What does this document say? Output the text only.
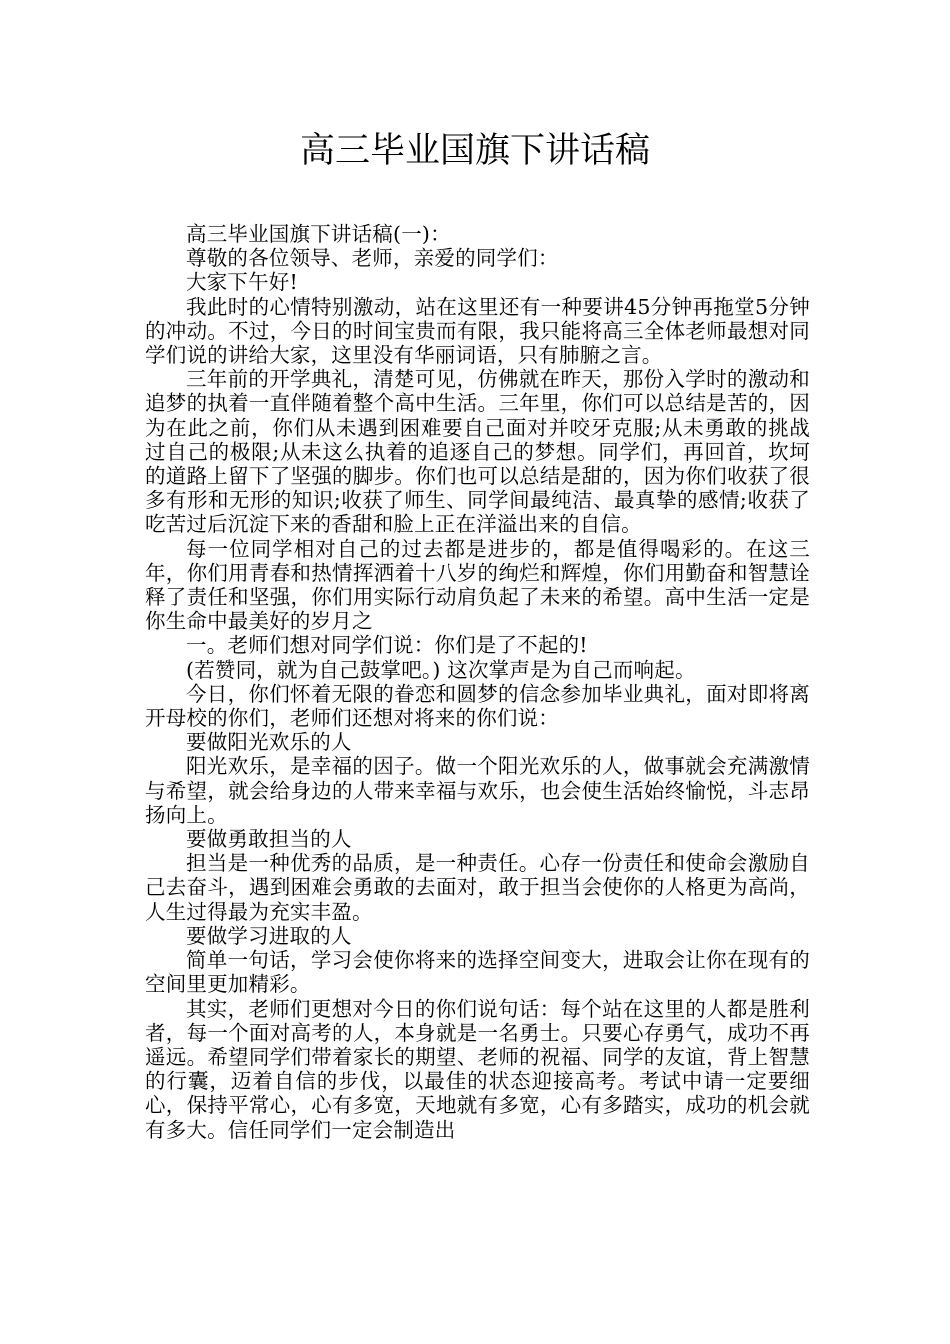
高三毕业国旗下讲话稿

高三毕业国旗下讲话稿(一)：

尊敬的各位领导、老师，亲爱的同学们：

大家下午好!

我此时的心情特别激动，站在这里还有一种要讲45分钟再拖堂5分钟的冲动。不过，今日的时间宝贵而有限，我只能将高三全体老师最想对同学们说的讲给大家，这里没有华丽词语，只有肺腑之言。

三年前的开学典礼，清楚可见，仿佛就在昨天，那份入学时的激动和追梦的执着一直伴随着整个高中生活。三年里，你们可以总结是苦的，因为在此之前，你们从未遇到困难要自己面对并咬牙克服;从未勇敢的挑战过自己的极限;从未这么执着的追逐自己的梦想。同学们，再回首，坎坷的道路上留下了坚强的脚步。你们也可以总结是甜的，因为你们收获了很多有形和无形的知识;收获了师生、同学间最纯洁、最真挚的感情;收获了吃苦过后沉淀下来的香甜和脸上正在洋溢出来的自信。

每一位同学相对自己的过去都是进步的，都是值得喝彩的。在这三年，你们用青春和热情挥洒着十八岁的绚烂和辉煌，你们用勤奋和智慧诠释了责任和坚强，你们用实际行动肩负起了未来的希望。高中生活一定是你生命中最美好的岁月之

一。老师们想对同学们说：你们是了不起的!

(若赞同，就为自己鼓掌吧。) 这次掌声是为自己而响起。

今日，你们怀着无限的眷恋和圆梦的信念参加毕业典礼，面对即将离开母校的你们，老师们还想对将来的你们说：

要做阳光欢乐的人

阳光欢乐，是幸福的因子。做一个阳光欢乐的人，做事就会充满激情与希望，就会给身边的人带来幸福与欢乐，也会使生活始终愉悦，斗志昂扬向上。

要做勇敢担当的人

担当是一种优秀的品质，是一种责任。心存一份责任和使命会激励自己去奋斗，遇到困难会勇敢的去面对，敢于担当会使你的人格更为高尚，人生过得最为充实丰盈。

要做学习进取的人

简单一句话，学习会使你将来的选择空间变大，进取会让你在现有的空间里更加精彩。

其实，老师们更想对今日的你们说句话：每个站在这里的人都是胜利者，每一个面对高考的人，本身就是一名勇士。只要心存勇气，成功不再遥远。希望同学们带着家长的期望、老师的祝福、同学的友谊，背上智慧的行囊，迈着自信的步伐，以最佳的状态迎接高考。考试中请一定要细心，保持平常心，心有多宽，天地就有多宽，心有多踏实，成功的机会就有多大。信任同学们一定会制造出
